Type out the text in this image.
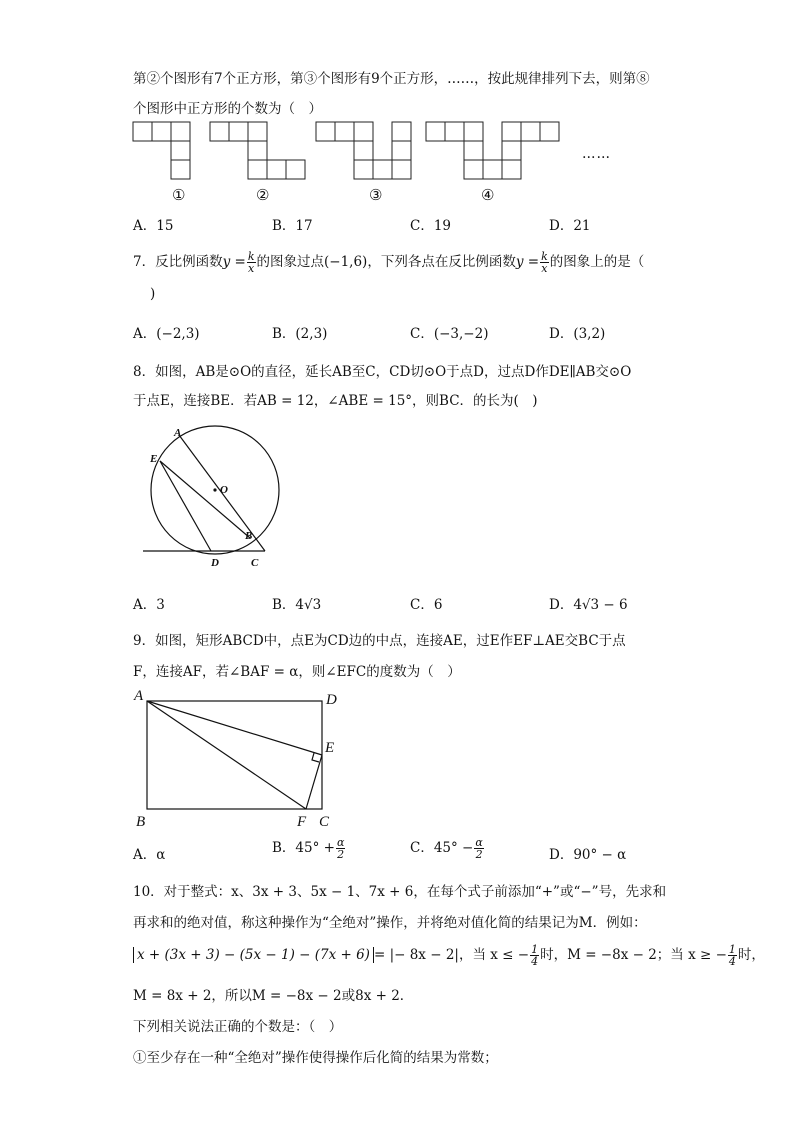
第②个图形有7个正方形，第③个图形有9个正方形，……，按此规律排列下去，则第⑧
个图形中正方形的个数为（　）
①	②	③	④
……
A．15	B．17	C．19	D．21
7．反比例函数$y = \frac{k}{x}$ 的图象过点(−1,6)，下列各点在反比例函数$y = \frac{k}{x}$ 的图象上的是（
)
A．(−2,3)	B．(2,3)	C．(−3,−2)	D．(3,2)
8．如图，AB是⊙O的直径，延长AB至C，CD切⊙O于点D，过点D作DE∥AB交⊙O
于点E，连接BE．若AB = 12，∠ABE = 15°，则BC．的长为(　)
A
E
O
B
D	C
A．3	B．4√3	C．6	D．4√3 − 6
9．如图，矩形ABCD中，点E为CD边的中点，连接AE，过E作EF⊥AE交BC于点
F，连接AF，若∠BAF = α，则∠EFC的度数为（　）
A	D
E
B	F C
A．α	B．$45^\circ + \frac{\alpha}{2}$	C．$45^\circ - \frac{\alpha}{2}$	D．90° − α
10．对于整式：x、3x + 3、5x − 1、7x + 6，在每个式子前添加“+”或“−”号，先求和
再求和的绝对值，称这种操作为“全绝对”操作，并将绝对值化简的结果记为M．例如：
x + (3x + 3) − (5x − 1) − (7x + 6) = |− 8x − 2|，当 x ≤ − $\frac{1}{4}$ 时，M = −8x − 2；当 x ≥ − $\frac{1}{4}$ 时，
M = 8x + 2，所以M = −8x − 2或8x + 2．
下列相关说法正确的个数是：（　）
①至少存在一种“全绝对”操作使得操作后化简的结果为常数；
